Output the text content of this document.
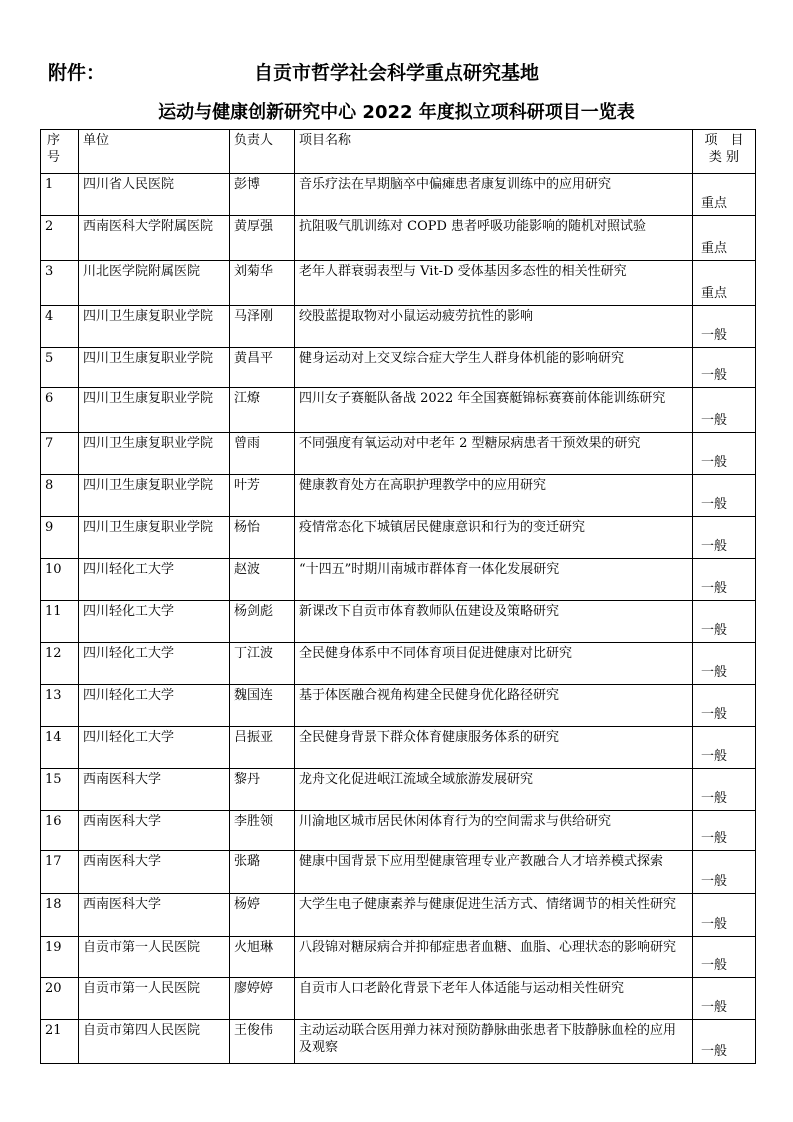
附件：	自贡市哲学社会科学重点研究基地
运动与健康创新研究中心 2022 年度拟立项科研项目一览表
序
号	单位	负责人	项目名称	项　目
类 别
1	四川省人民医院	彭博	音乐疗法在早期脑卒中偏瘫患者康复训练中的应用研究	重点
2	西南医科大学附属医院	黄厚强	抗阻吸气肌训练对 COPD 患者呼吸功能影响的随机对照试验	重点
3	川北医学院附属医院	刘菊华	老年人群衰弱表型与 Vit-D 受体基因多态性的相关性研究	重点
4	四川卫生康复职业学院	马泽刚	绞股蓝提取物对小鼠运动疲劳抗性的影响	一般
5	四川卫生康复职业学院	黄昌平	健身运动对上交叉综合症大学生人群身体机能的影响研究	一般
6	四川卫生康复职业学院	江燎	四川女子赛艇队备战 2022 年全国赛艇锦标赛赛前体能训练研究	一般
7	四川卫生康复职业学院	曾雨	不同强度有氧运动对中老年 2 型糖尿病患者干预效果的研究	一般
8	四川卫生康复职业学院	叶芳	健康教育处方在高职护理教学中的应用研究	一般
9	四川卫生康复职业学院	杨怡	疫情常态化下城镇居民健康意识和行为的变迁研究	一般
10	四川轻化工大学	赵波	“十四五”时期川南城市群体育一体化发展研究	一般
11	四川轻化工大学	杨剑彪	新课改下自贡市体育教师队伍建设及策略研究	一般
12	四川轻化工大学	丁江波	全民健身体系中不同体育项目促进健康对比研究	一般
13	四川轻化工大学	魏国连	基于体医融合视角构建全民健身优化路径研究	一般
14	四川轻化工大学	吕振亚	全民健身背景下群众体育健康服务体系的研究	一般
15	西南医科大学	黎丹	龙舟文化促进岷江流域全域旅游发展研究	一般
16	西南医科大学	李胜领	川渝地区城市居民休闲体育行为的空间需求与供给研究	一般
17	西南医科大学	张璐	健康中国背景下应用型健康管理专业产教融合人才培养模式探索	一般
18	西南医科大学	杨婷	大学生电子健康素养与健康促进生活方式、情绪调节的相关性研究	一般
19	自贡市第一人民医院	火旭琳	八段锦对糖尿病合并抑郁症患者血糖、血脂、心理状态的影响研究	一般
20	自贡市第一人民医院	廖婷婷	自贡市人口老龄化背景下老年人体适能与运动相关性研究	一般
21	自贡市第四人民医院	王俊伟	主动运动联合医用弹力袜对预防静脉曲张患者下肢静脉血栓的应用及观察	一般
